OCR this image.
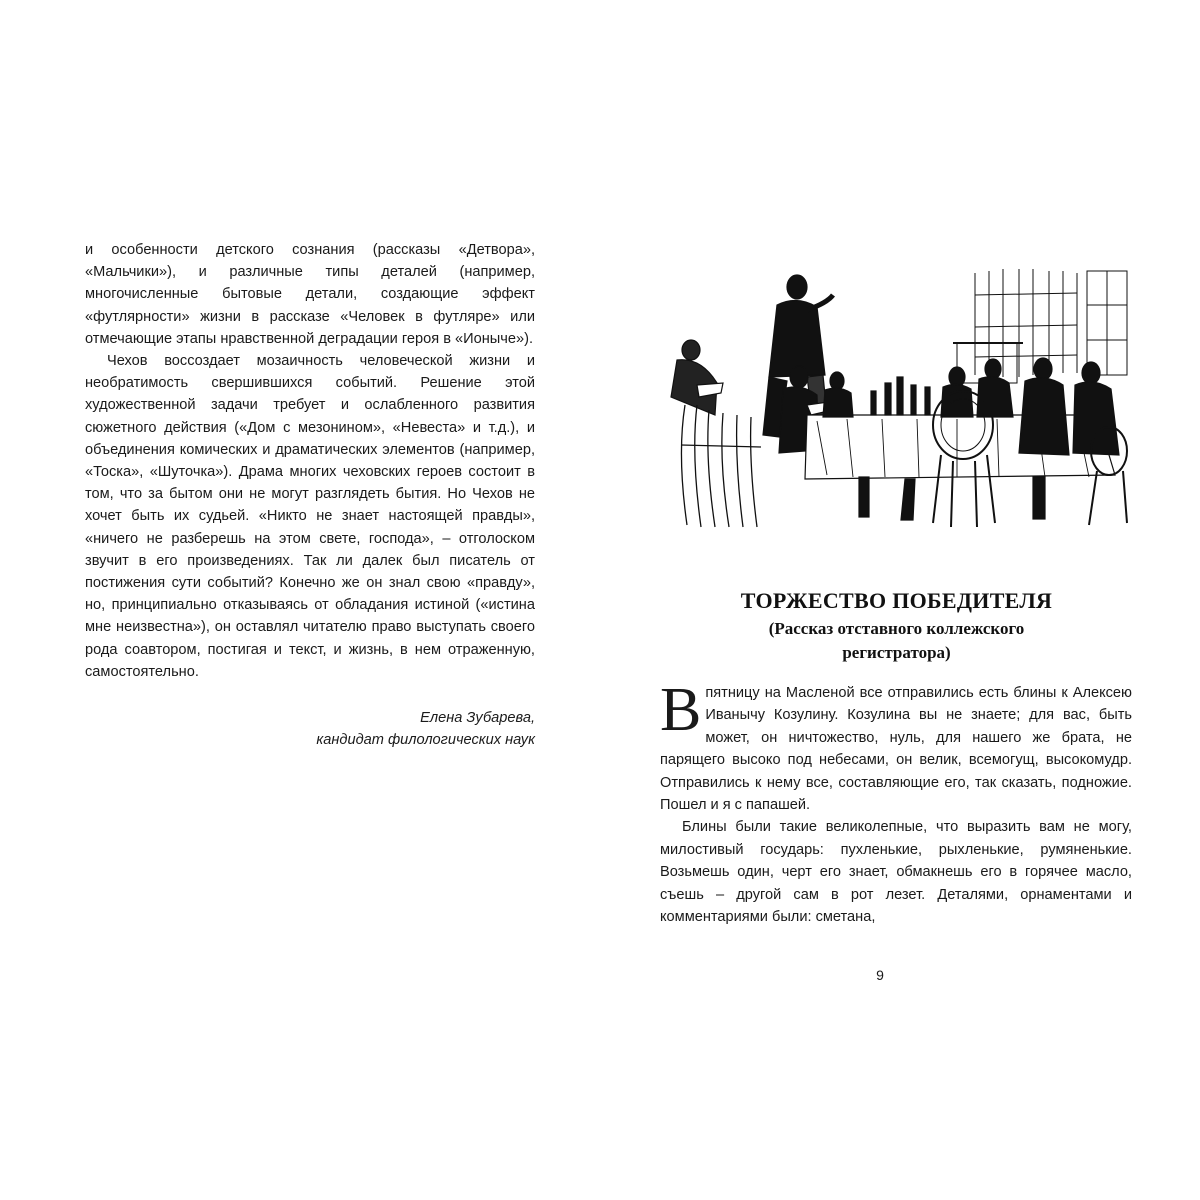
и особенности детского сознания (рассказы «Детвора», «Мальчики»), и различные типы деталей (например, многочисленные бытовые детали, создающие эффект «футлярности» жизни в рассказе «Человек в футляре» или отмечающие этапы нравственной деградации героя в «Ионыче»).

Чехов воссоздает мозаичность человеческой жизни и необратимость свершившихся событий. Решение этой художественной задачи требует и ослабленного развития сюжетного действия («Дом с мезонином», «Невеста» и т.д.), и объединения комических и драматических элементов (например, «Тоска», «Шуточка»). Драма многих чеховских героев состоит в том, что за бытом они не могут разглядеть бытия. Но Чехов не хочет быть их судьей. «Никто не знает настоящей правды», «ничего не разберешь на этом свете, господа», – отголоском звучит в его произведениях. Так ли далек был писатель от постижения сути событий? Конечно же он знал свою «правду», но, принципиально отказываясь от обладания истиной («истина мне неизвестна»), он оставлял читателю право выступать своего рода соавтором, постигая и текст, и жизнь, в нем отраженную, самостоятельно.

Елена Зубарева,
кандидат филологических наук
ТОРЖЕСТВО ПОБЕДИТЕЛЯ
(Рассказ отставного коллежского
регистратора)

Впятницу на Масленой все отправились есть блины к Алексею Иванычу Козулину. Козулина вы не знаете; для вас, быть может, он ничтожество, нуль, для нашего же брата, не парящего высоко под небесами, он велик, всемогущ, высокомудр. Отправились к нему все, составляющие его, так сказать, подножие. Пошел и я с папашей.

Блины были такие великолепные, что выразить вам не могу, милостивый государь: пухленькие, рыхленькие, румяненькие. Возьмешь один, черт его знает, обмакнешь его в горячее масло, съешь – другой сам в рот лезет. Деталями, орнаментами и комментариями были: сметана,

9
